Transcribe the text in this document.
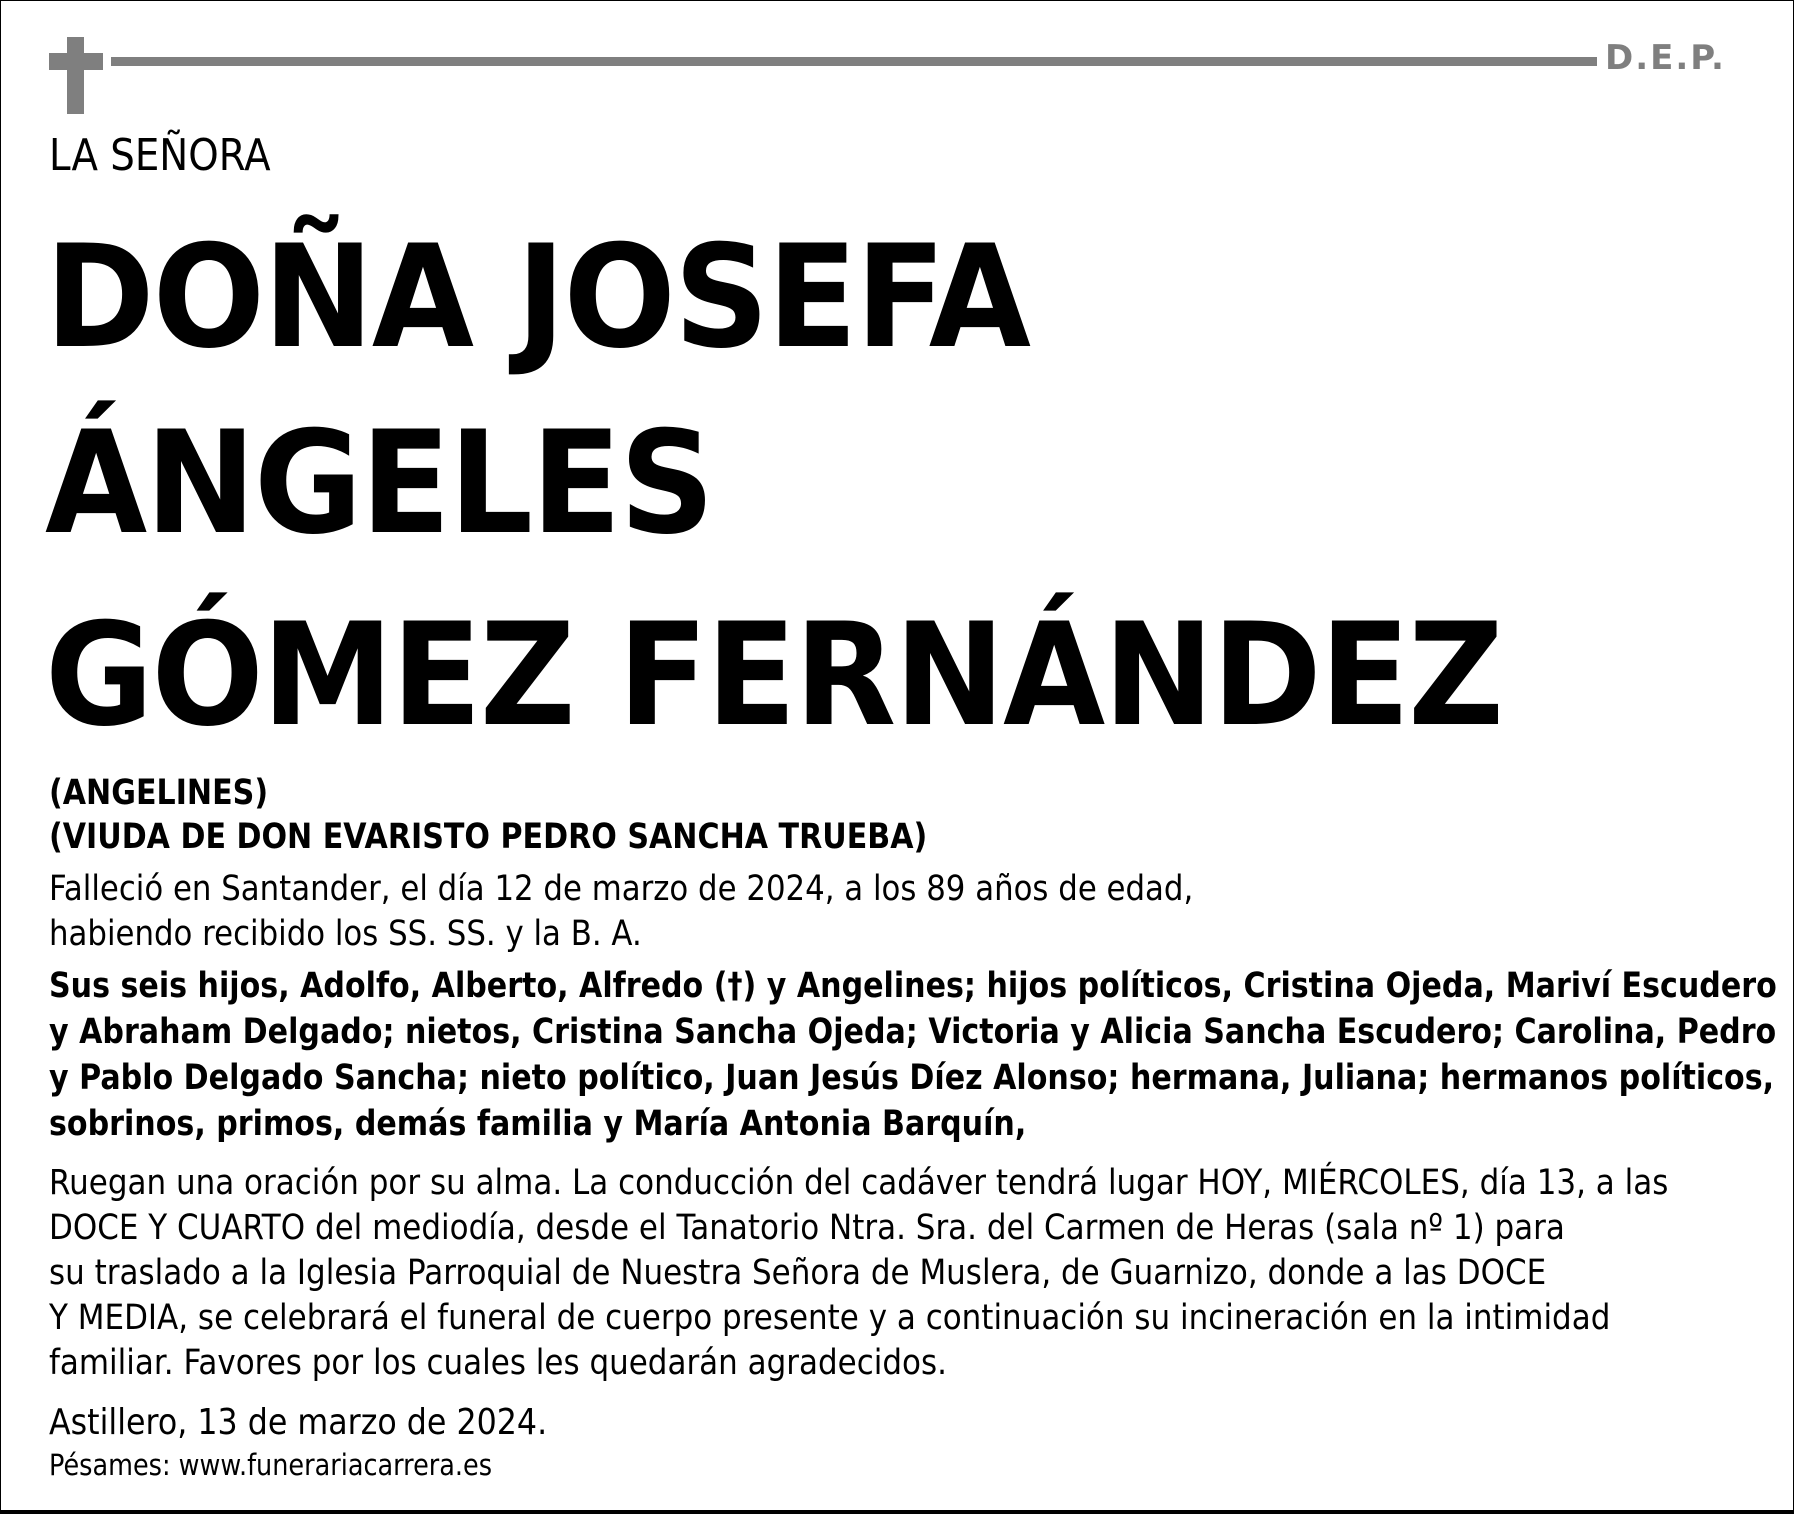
D.E.P.
LA SEÑORA
DOÑA JOSEFA
ÁNGELES
GÓMEZ FERNÁNDEZ
(ANGELINES)
(VIUDA DE DON EVARISTO PEDRO SANCHA TRUEBA)
Falleció en Santander, el día 12 de marzo de 2024, a los 89 años de edad,
habiendo recibido los SS. SS. y la B. A.
Sus seis hijos, Adolfo, Alberto, Alfredo (†) y Angelines; hijos políticos, Cristina Ojeda, Mariví Escudero
y Abraham Delgado; nietos, Cristina Sancha Ojeda; Victoria y Alicia Sancha Escudero; Carolina, Pedro
y Pablo Delgado Sancha; nieto político, Juan Jesús Díez Alonso; hermana, Juliana; hermanos políticos,
sobrinos, primos, demás familia y María Antonia Barquín,
Ruegan una oración por su alma. La conducción del cadáver tendrá lugar HOY, MIÉRCOLES, día 13, a las
DOCE Y CUARTO del mediodía, desde el Tanatorio Ntra. Sra. del Carmen de Heras (sala nº 1) para
su traslado a la Iglesia Parroquial de Nuestra Señora de Muslera, de Guarnizo, donde a las DOCE
Y MEDIA, se celebrará el funeral de cuerpo presente y a continuación su incineración en la intimidad
familiar. Favores por los cuales les quedarán agradecidos.
Astillero, 13 de marzo de 2024.
Pésames: www.funerariacarrera.es
